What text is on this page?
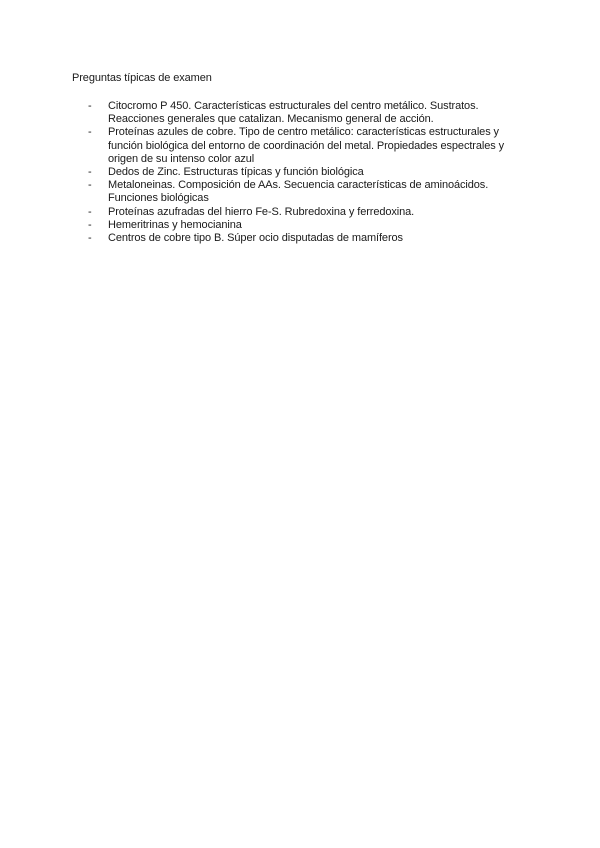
Preguntas típicas de examen
-	Citocromo P 450. Características estructurales del centro metálico. Sustratos. Reacciones generales que catalizan. Mecanismo general de acción.
-	Proteínas azules de cobre. Tipo de centro metálico: características estructurales y función biológica del entorno de coordinación del metal. Propiedades espectrales y origen de su intenso color azul
-	Dedos de Zinc. Estructuras típicas y función biológica
-	Metaloneinas. Composición de AAs. Secuencia características de aminoácidos. Funciones biológicas
-	Proteínas azufradas del hierro Fe-S. Rubredoxina y ferredoxina.
-	Hemeritrinas y hemocianina
-	Centros de cobre tipo B. Súper ocio disputadas de mamíferos
